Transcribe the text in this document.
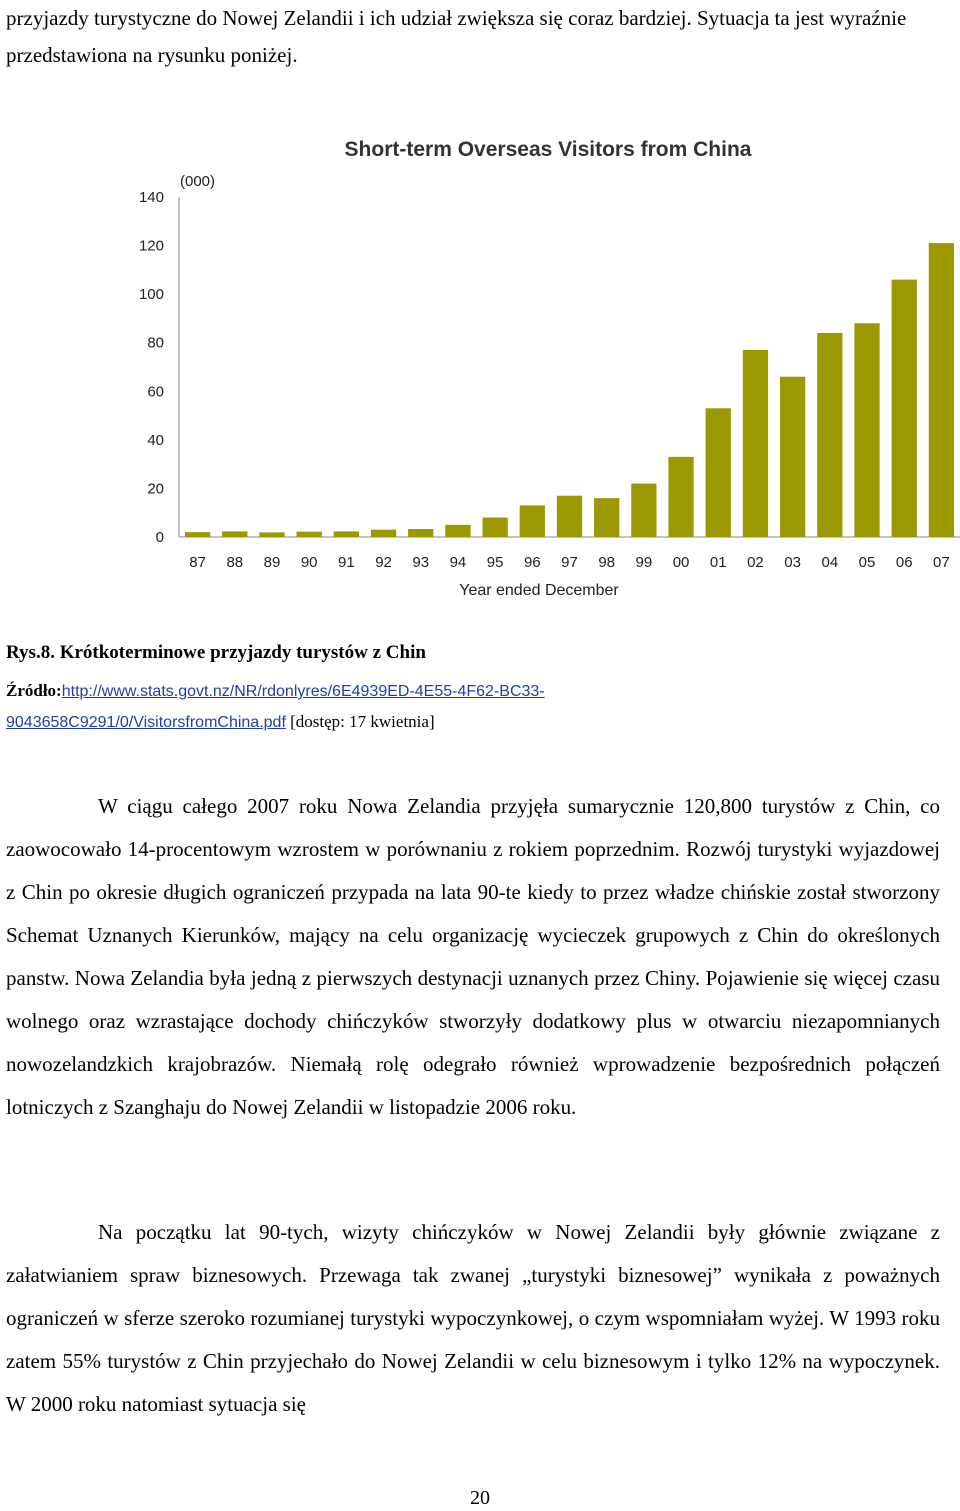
przyjazdy turystyczne do Nowej Zelandii i ich udział zwiększa się coraz bardziej. Sytuacja ta jest wyraźnie przedstawiona na rysunku poniżej.

Short-term Overseas Visitors from China
(000)
0
20
40
60
80
100
120
140
87 88 89 90 91 92 93 94 95 96 97 98 99 00 01 02 03 04 05 06 07
Year ended December

Rys.8. Krótkoterminowe przyjazdy turystów z Chin

Źródło:http://www.stats.govt.nz/NR/rdonlyres/6E4939ED-4E55-4F62-BC33-
9043658C9291/0/VisitorsfromChina.pdf [dostęp: 17 kwietnia]

W ciągu całego 2007 roku Nowa Zelandia przyjęła sumarycznie 120,800 turystów z Chin, co zaowocowało 14-procentowym wzrostem w porównaniu z rokiem poprzednim. Rozwój turystyki wyjazdowej z Chin po okresie długich ograniczeń przypada na lata 90-te kiedy to przez władze chińskie został stworzony Schemat Uznanych Kierunków, mający na celu organizację wycieczek grupowych z Chin do określonych panstw. Nowa Zelandia była jedną z pierwszych destynacji uznanych przez Chiny. Pojawienie się więcej czasu wolnego oraz wzrastające dochody chińczyków stworzyły dodatkowy plus w otwarciu niezapomnianych nowozelandzkich krajobrazów. Niemałą rolę odegrało również wprowadzenie bezpośrednich połączeń lotniczych z Szanghaju do Nowej Zelandii w listopadzie 2006 roku.

Na początku lat 90-tych, wizyty chińczyków w Nowej Zelandii były głównie związane z załatwianiem spraw biznesowych. Przewaga tak zwanej „turystyki biznesowej” wynikała z poważnych ograniczeń w sferze szeroko rozumianej turystyki wypoczynkowej, o czym wspomniałam wyżej. W 1993 roku zatem 55% turystów z Chin przyjechało do Nowej Zelandii w celu biznesowym i tylko 12% na wypoczynek. W 2000 roku natomiast sytuacja się

20
